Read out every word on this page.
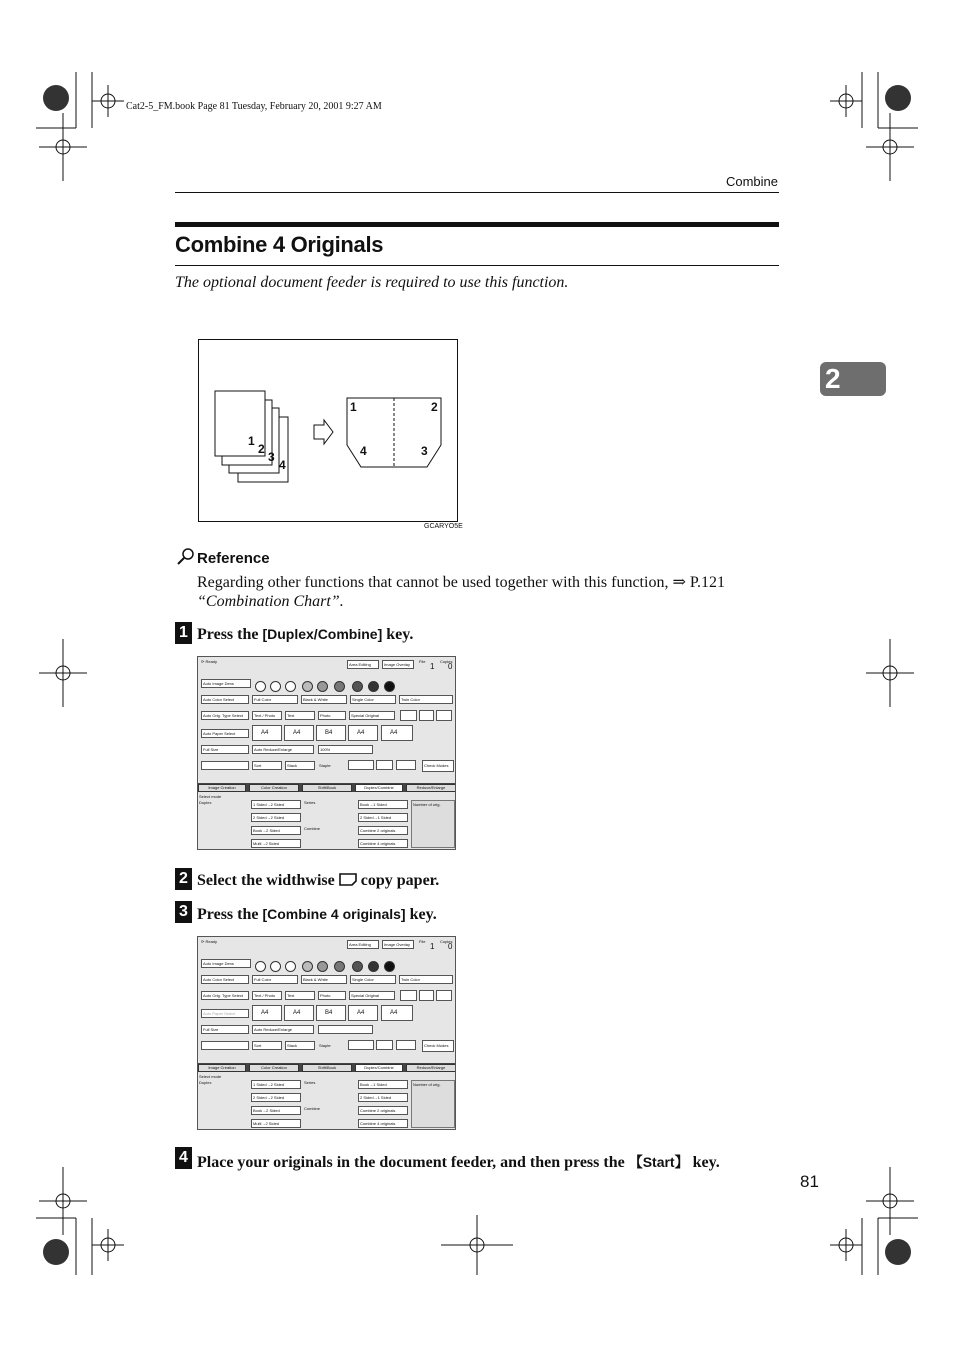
Cat2-5_FM.book Page 81 Tuesday, February 20, 2001 9:27 AM
Combine
2
Combine 4 Originals
The optional document feeder is required to use this function.
1
2
3
4
1	2
4	3
GCARYO5E
Reference
Regarding other functions that cannot be used together with this function, ⇒ P.121 “Combination Chart”.
1 Press the [Duplex/Combine] key.
⟳ Ready
Area Editing	Image Overlay
File
1
Copies
0
Auto Image Dens
Auto Color Select	Full Color	Black & White	Single Color	Twin Color
Auto Orig. Type Select	Text / Photo	Text	Photo	Special Original
Auto Paper Select	A4	A4	B4	A4	A4
Full Size	Auto Reduce/Enlarge	100%
Sort	Stack	Staple:	Check Modes
Image Creation	Color Creation	Shift/Book	Duplex/Combine	Reduce/Enlarge
Select mode
Duplex	1 Sided→2 Sided
2 Sided→2 Sided
Book→2 Sided
Multi→2 Sided
Series	Book→1 Sided
2 Sided→1 Sided
Combine	Combine 2 originals
Combine 4 originals
Number of orig.
2 Select the widthwise  copy paper.
3 Press the [Combine 4 originals] key.
⟳ Ready
Area Editing	Image Overlay
File
1
Copies
0
Auto Image Dens
Auto Color Select	Full Color	Black & White	Single Color	Twin Color
Auto Orig. Type Select	Text / Photo	Text	Photo	Special Original
Auto Paper Select	A4	A4	B4	A4	A4
Full Size	Auto Reduce/Enlarge
Sort	Stack	Staple:	Check Modes
Image Creation	Color Creation	Shift/Book	Duplex/Combine	Reduce/Enlarge
Select mode
Duplex	1 Sided→2 Sided
2 Sided→2 Sided
Book→2 Sided
Multi→2 Sided
Series	Book→1 Sided
2 Sided→1 Sided
Combine	Combine 2 originals
Combine 4 originals
Number of orig.
4 Place your originals in the document feeder, and then press the 【Start】 key.
81
